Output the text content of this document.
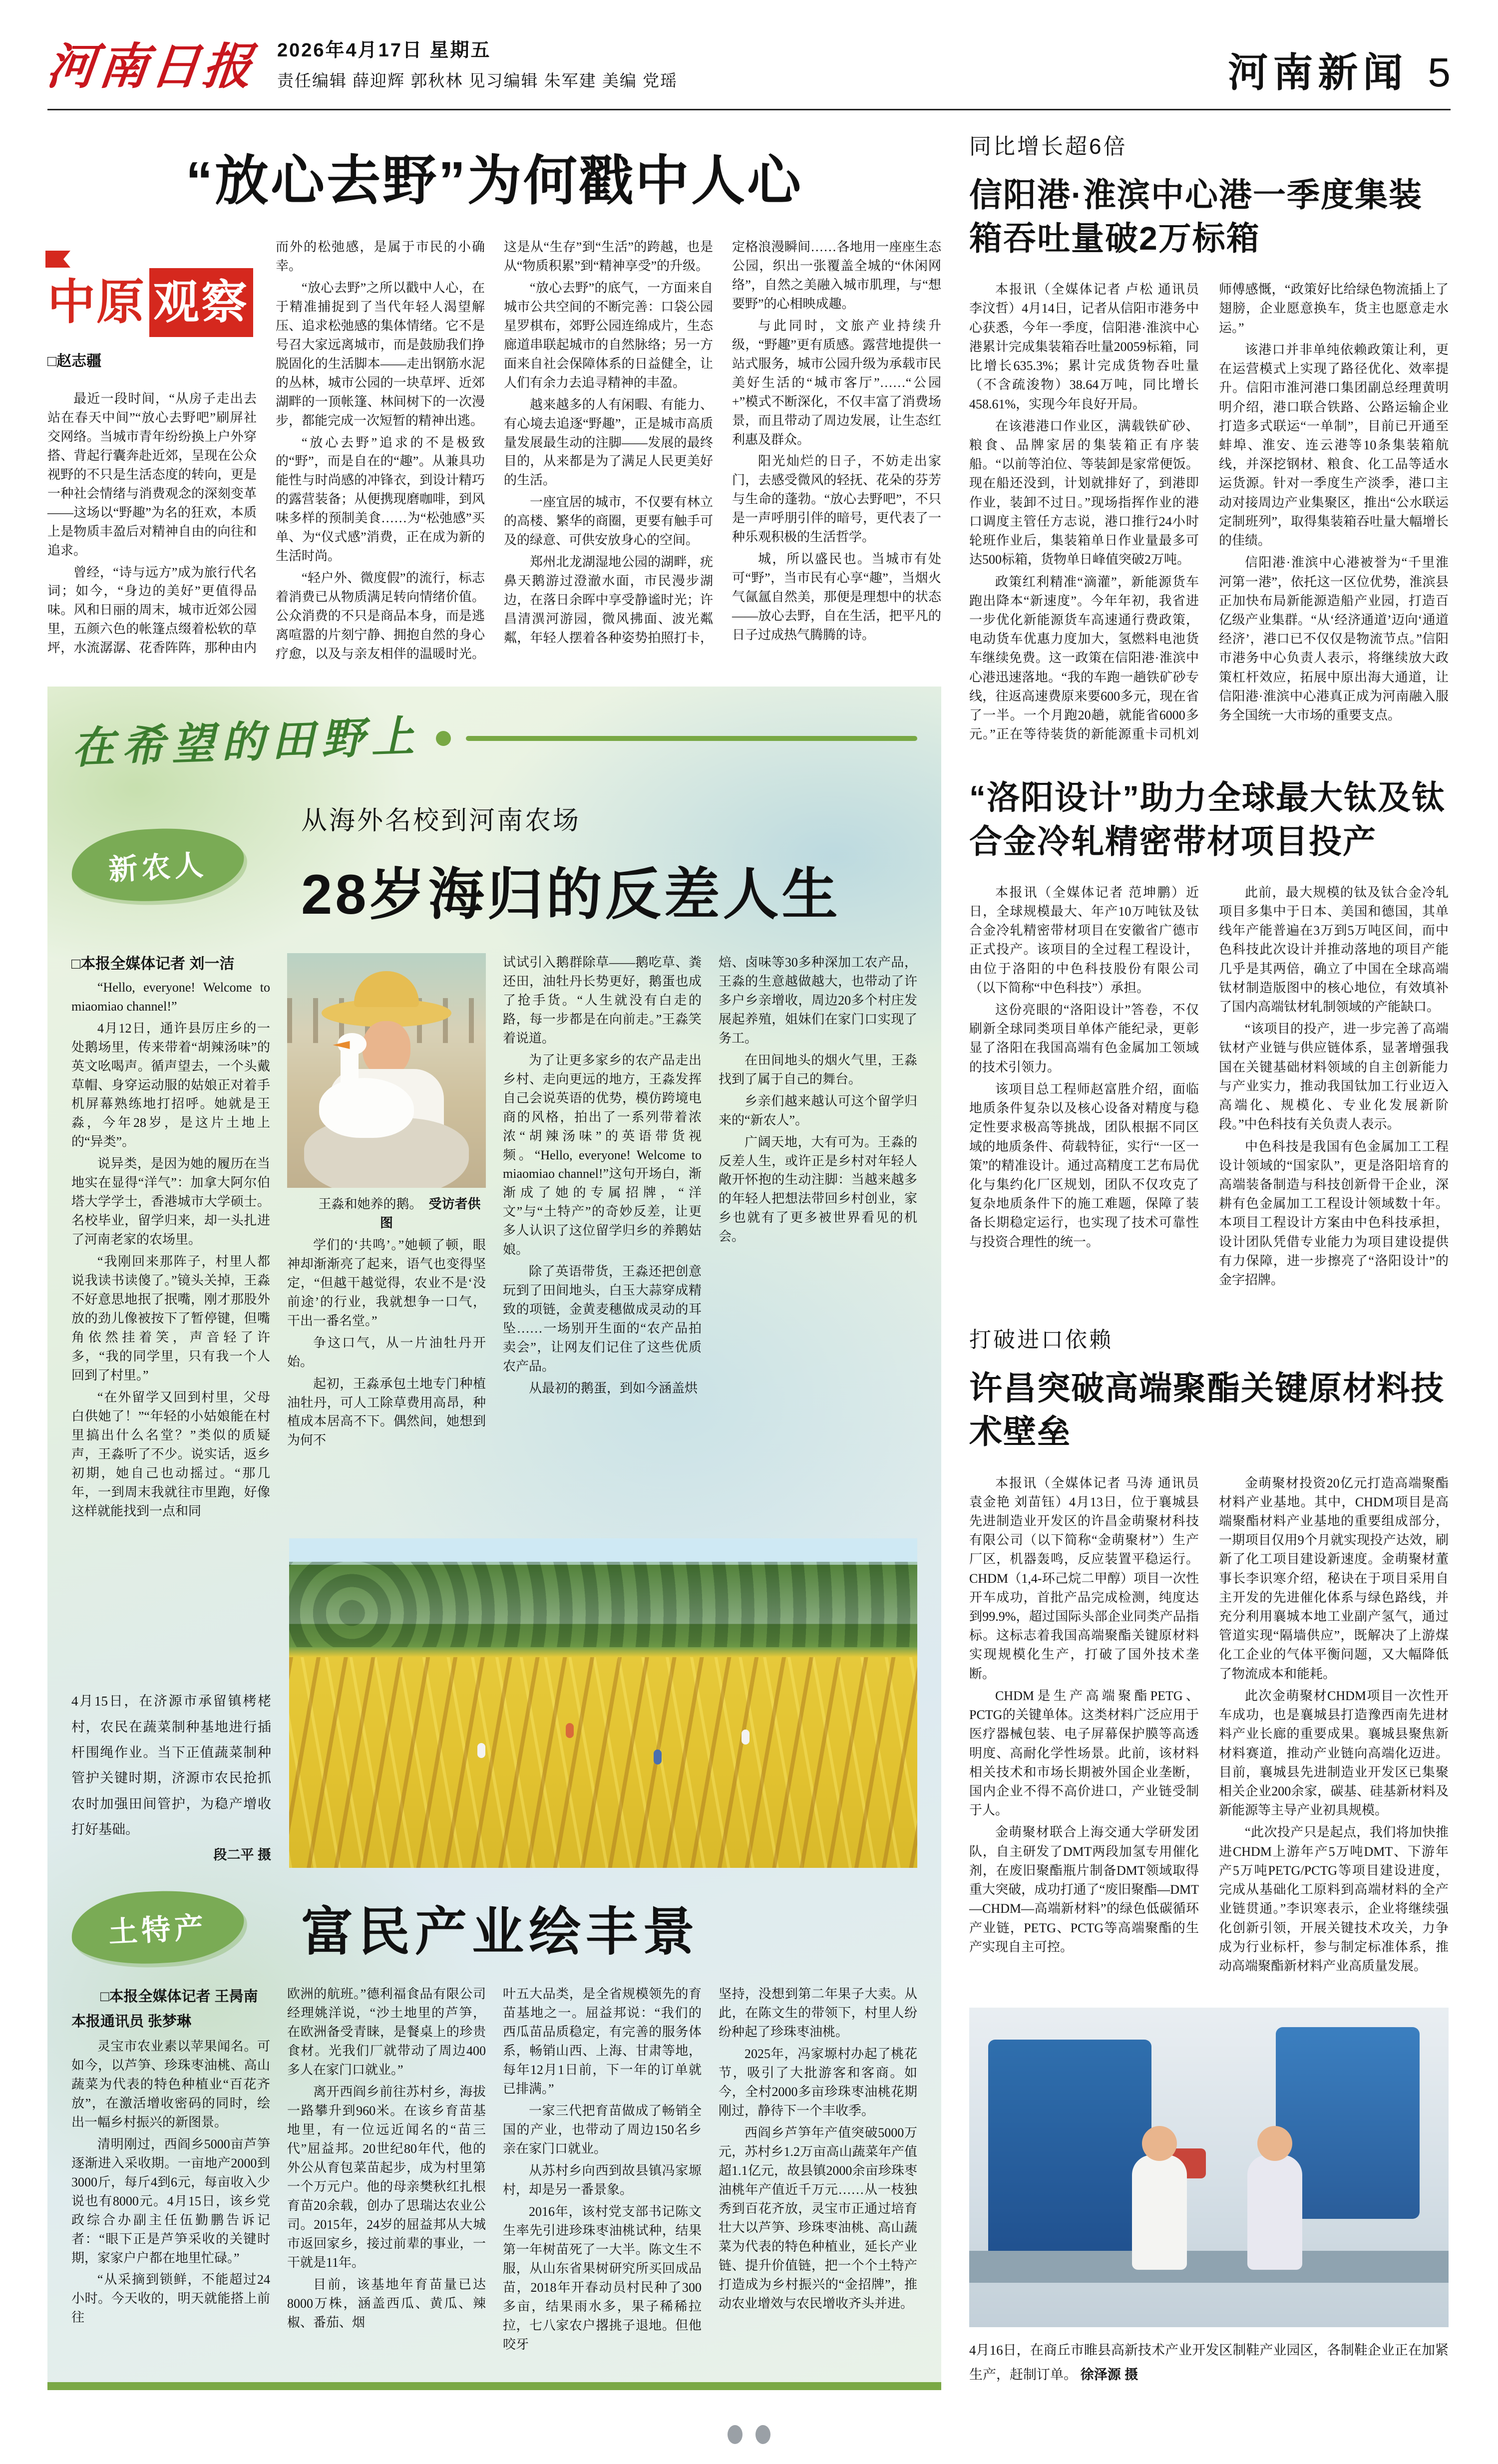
河南日报 2026年4月17日 星期五
责任编辑 薛迎辉 郭秋林 见习编辑 朱军建 美编 党瑶	河南新闻 5
“放心去野”为何戳中人心
中原 观察

□赵志疆

最近一段时间，“从房子走出去站在春天中间”“放心去野吧”刷屏社交网络。当城市青年纷纷换上户外穿搭、背起行囊奔赴近郊，呈现在公众视野的不只是生活态度的转向，更是一种社会情绪与消费观念的深刻变革——这场以“野趣”为名的狂欢，本质上是物质丰盈后对精神自由的向往和追求。

曾经，“诗与远方”成为旅行代名词；如今，“身边的美好”更值得品味。风和日丽的周末，城市近郊公园里，五颜六色的帐篷点缀着松软的草坪，水流潺潺、花香阵阵，那种由内而外的松弛感，是属于市民的小确幸。

“放心去野”之所以戳中人心，在于精准捕捉到了当代年轻人渴望解压、追求松弛感的集体情绪。它不是号召大家远离城市，而是鼓励我们挣脱固化的生活脚本——走出钢筋水泥的丛林，城市公园的一块草坪、近郊湖畔的一顶帐篷、林间树下的一次漫步，都能完成一次短暂的精神出逃。

“放心去野”追求的不是极致的“野”，而是自在的“趣”。从兼具功能性与时尚感的冲锋衣，到设计精巧的露营装备；从便携现磨咖啡，到风味多样的预制美食……为“松弛感”买单、为“仪式感”消费，正在成为新的生活时尚。

“轻户外、微度假”的流行，标志着消费已从物质满足转向情绪价值。公众消费的不只是商品本身，而是逃离喧嚣的片刻宁静、拥抱自然的身心疗愈，以及与亲友相伴的温暖时光。这是从“生存”到“生活”的跨越，也是从“物质积累”到“精神享受”的升级。

“放心去野”的底气，一方面来自城市公共空间的不断完善：口袋公园星罗棋布，郊野公园连绵成片，生态廊道串联起城市的自然脉络；另一方面来自社会保障体系的日益健全，让人们有余力去追寻精神的丰盈。

越来越多的人有闲暇、有能力、有心境去追逐“野趣”，正是城市高质量发展最生动的注脚——发展的最终目的，从来都是为了满足人民更美好的生活。

一座宜居的城市，不仅要有林立的高楼、繁华的商圈，更要有触手可及的绿意、可供安放身心的空间。

郑州北龙湖湿地公园的湖畔，疣鼻天鹅游过澄澈水面，市民漫步湖边，在落日余晖中享受静谧时光；许昌清潩河游园，微风拂面、波光粼粼，年轻人摆着各种姿势拍照打卡，定格浪漫瞬间……各地用一座座生态公园，织出一张覆盖全城的“休闲网络”，自然之美融入城市肌理，与“想要野”的心相映成趣。

与此同时，文旅产业持续升级，“野趣”更有质感。露营地提供一站式服务，城市公园升级为承载市民美好生活的“城市客厅”……“公园+”模式不断深化，不仅丰富了消费场景，而且带动了周边发展，让生态红利惠及群众。

阳光灿烂的日子，不妨走出家门，去感受微风的轻抚、花朵的芬芳与生命的蓬勃。“放心去野吧”，不只是一声呼朋引伴的暗号，更代表了一种乐观积极的生活哲学。

城，所以盛民也。当城市有处可“野”，当市民有心享“趣”，当烟火气氤氲自然美，那便是理想中的状态——放心去野，自在生活，把平凡的日子过成热气腾腾的诗。

在希望的田野上
新农人
从海外名校到河南农场
28岁海归的反差人生

□本报全媒体记者 刘一洁

“Hello, everyone! Welcome to miaomiao channel!”

4月12日，通许县厉庄乡的一处鹅场里，传来带着“胡辣汤味”的英文吆喝声。循声望去，一个头戴草帽、身穿运动服的姑娘正对着手机屏幕熟练地打招呼。她就是王淼，今年28岁，是这片土地上的“异类”。

说异类，是因为她的履历在当地实在显得“洋气”：加拿大阿尔伯塔大学学士，香港城市大学硕士。名校毕业，留学归来，却一头扎进了河南老家的农场里。

“我刚回来那阵子，村里人都说我读书读傻了。”镜头关掉，王淼不好意思地抿了抿嘴，刚才那股外放的劲儿像被按下了暂停键，但嘴角依然挂着笑，声音轻了许多，“我的同学里，只有我一个人回到了村里。”

“在外留学又回到村里，父母白供她了！”“年轻的小姑娘能在村里搞出什么名堂？”类似的质疑声，王淼听了不少。说实话，返乡初期，她自己也动摇过。“那几年，一到周末我就往市里跑，好像这样就能找到一点和同

王淼和她养的鹅。　 受访者供图

学们的‘共鸣’。”她顿了顿，眼神却渐渐亮了起来，语气也变得坚定，“但越干越觉得，农业不是‘没前途’的行业，我就想争一口气，干出一番名堂。”

争这口气，从一片油牡丹开始。

起初，王淼承包土地专门种植油牡丹，可人工除草费用高昂，种植成本居高不下。偶然间，她想到为何不

试试引入鹅群除草——鹅吃草、粪还田，油牡丹长势更好，鹅蛋也成了抢手货。“人生就没有白走的路，每一步都是在向前走。”王淼笑着说道。

为了让更多家乡的农产品走出乡村、走向更远的地方，王淼发挥自己会说英语的优势，模仿跨境电商的风格，拍出了一系列带着浓浓“胡辣汤味”的英语带货视频。“Hello, everyone! Welcome to miaomiao channel!”这句开场白，渐渐成了她的专属招牌，“洋文”与“土特产”的奇妙反差，让更多人认识了这位留学归乡的养鹅姑娘。

除了英语带货，王淼还把创意玩到了田间地头，白玉大蒜穿成精致的项链，金黄麦穗做成灵动的耳坠……一场别开生面的“农产品拍卖会”，让网友们记住了这些优质农产品。

从最初的鹅蛋，到如今涵盖烘

焙、卤味等30多种深加工农产品，王淼的生意越做越大，也带动了许多户乡亲增收，周边20多个村庄发展起养殖，姐妹们在家门口实现了务工。

在田间地头的烟火气里，王淼找到了属于自己的舞台。

乡亲们越来越认可这个留学归来的“新农人”。

广阔天地，大有可为。王淼的反差人生，或许正是乡村对年轻人敞开怀抱的生动注脚：当越来越多的年轻人把想法带回乡村创业，家乡也就有了更多被世界看见的机会。

4月15日，在济源市承留镇栲栳村，农民在蔬菜制种基地进行插杆围绳作业。当下正值蔬菜制种管护关键时期，济源市农民抢抓农时加强田间管护，为稳产增收打好基础。
段二平 摄
土特产	富民产业绘丰景

□本报全媒体记者 王昺南
本报通讯员 张梦琳

灵宝市农业素以苹果闻名。可如今，以芦笋、珍珠枣油桃、高山蔬菜为代表的特色种植业“百花齐放”，在激活增收密码的同时，绘出一幅乡村振兴的新图景。

清明刚过，西阎乡5000亩芦笋逐渐进入采收期。一亩地产2000到3000斤，每斤4到6元，每亩收入少说也有8000元。4月15日，该乡党政综合办副主任伍勤鹏告诉记者：“眼下正是芦笋采收的关键时期，家家户户都在地里忙碌。”

“从采摘到锁鲜，不能超过24小时。今天收的，明天就能搭上前往

欧洲的航班。”德利福食品有限公司经理姚洋说，“沙土地里的芦笋，在欧洲备受青睐，是餐桌上的珍贵食材。光我们厂就带动了周边400多人在家门口就业。”

离开西阎乡前往苏村乡，海拔一路攀升到960米。在该乡育苗基地里，有一位远近闻名的“苗三代”屈益邦。20世纪80年代，他的外公从育包菜苗起步，成为村里第一个万元户。他的母亲樊秋红扎根育苗20余载，创办了思瑞达农业公司。2015年，24岁的屈益邦从大城市返回家乡，接过前辈的事业，一干就是11年。

目前，该基地年育苗量已达8000万株，涵盖西瓜、黄瓜、辣椒、番茄、烟

叶五大品类，是全省规模领先的育苗基地之一。屈益邦说：“我们的西瓜苗品质稳定，有完善的服务体系，畅销山西、上海、甘肃等地，每年12月1日前，下一年的订单就已排满。”

一家三代把育苗做成了畅销全国的产业，也带动了周边150名乡亲在家门口就业。

从苏村乡向西到故县镇冯家塬村，却是另一番景象。

2016年，该村党支部书记陈文生率先引进珍珠枣油桃试种，结果第一年树苗死了一大半。陈文生不服，从山东省果树研究所买回成品苗，2018年开春动员村民种了300多亩，结果雨水多，果子稀稀拉拉，七八家农户撂挑子退地。但他咬牙

坚持，没想到第二年果子大卖。从此，在陈文生的带领下，村里人纷纷种起了珍珠枣油桃。

2025年，冯家塬村办起了桃花节，吸引了大批游客和客商。如今，全村2000多亩珍珠枣油桃花期刚过，静待下一个丰收季。

西阎乡芦笋年产值突破5000万元，苏村乡1.2万亩高山蔬菜年产值超1.1亿元，故县镇2000余亩珍珠枣油桃年产值近千万元……从一枝独秀到百花齐放，灵宝市正通过培育壮大以芦笋、珍珠枣油桃、高山蔬菜为代表的特色种植业，延长产业链、提升价值链，把一个个土特产打造成为乡村振兴的“金招牌”，推动农业增效与农民增收齐头并进。

同比增长超6倍
信阳港·淮滨中心港一季度集装箱吞吐量破2万标箱

本报讯（全媒体记者 卢松 通讯员 李汶哲）4月14日，记者从信阳市港务中心获悉，今年一季度，信阳港·淮滨中心港累计完成集装箱吞吐量20059标箱，同比增长635.3%；累计完成货物吞吐量（不含疏浚物）38.64万吨，同比增长458.61%，实现今年良好开局。

在该港港口作业区，满载铁矿砂、粮食、品牌家居的集装箱正有序装船。“以前等泊位、等装卸是家常便饭。现在船还没到，计划就排好了，到港即作业，装卸不过日。”现场指挥作业的港口调度主管任方志说，港口推行24小时轮班作业后，集装箱单日作业量最多可达500标箱，货物单日峰值突破2万吨。

政策红利精准“滴灌”，新能源货车跑出降本“新速度”。今年年初，我省进一步优化新能源货车高速通行费政策，电动货车优惠力度加大，氢燃料电池货车继续免费。这一政策在信阳港·淮滨中心港迅速落地。“我的车跑一趟铁矿砂专线，往返高速费原来要600多元，现在省了一半。一个月跑20趟，就能省6000多元。”正在等待装货的新能源重卡司机刘师傅感慨，“政策好比给绿色物流插上了翅膀，企业愿意换车，货主也愿意走水运。”

该港口并非单纯依赖政策让利，更在运营模式上实现了路径优化、效率提升。信阳市淮河港口集团副总经理黄明明介绍，港口联合铁路、公路运输企业打造多式联运“一单制”，目前已开通至蚌埠、淮安、连云港等10条集装箱航线，并深挖钢材、粮食、化工品等适水运货源。针对一季度生产淡季，港口主动对接周边产业集聚区，推出“公水联运定制班列”，取得集装箱吞吐量大幅增长的佳绩。

信阳港·淮滨中心港被誉为“千里淮河第一港”，依托这一区位优势，淮滨县正加快布局新能源造船产业园，打造百亿级产业集群。“从‘经济通道’迈向‘通道经济’，港口已不仅仅是物流节点。”信阳市港务中心负责人表示，将继续放大政策杠杆效应，拓展中原出海大通道，让信阳港·淮滨中心港真正成为河南融入服务全国统一大市场的重要支点。

“洛阳设计”助力全球最大钛及钛合金冷轧精密带材项目投产

本报讯（全媒体记者 范坤鹏）近日，全球规模最大、年产10万吨钛及钛合金冷轧精密带材项目在安徽省广德市正式投产。该项目的全过程工程设计，由位于洛阳的中色科技股份有限公司（以下简称“中色科技”）承担。

这份亮眼的“洛阳设计”答卷，不仅刷新全球同类项目单体产能纪录，更彰显了洛阳在我国高端有色金属加工领域的技术引领力。

该项目总工程师赵富胜介绍，面临地质条件复杂以及核心设备对精度与稳定性要求极高等挑战，团队根据不同区域的地质条件、荷载特征，实行“一区一策”的精准设计。通过高精度工艺布局优化与集约化厂区规划，团队不仅攻克了复杂地质条件下的施工难题，保障了装备长期稳定运行，也实现了技术可靠性与投资合理性的统一。

此前，最大规模的钛及钛合金冷轧项目多集中于日本、美国和德国，其单线年产能普遍在3万到5万吨区间，而中色科技此次设计并推动落地的项目产能几乎是其两倍，确立了中国在全球高端钛材制造版图中的核心地位，有效填补了国内高端钛材轧制领域的产能缺口。

“该项目的投产，进一步完善了高端钛材产业链与供应链体系，显著增强我国在关键基础材料领域的自主创新能力与产业实力，推动我国钛加工行业迈入高端化、规模化、专业化发展新阶段。”中色科技有关负责人表示。

中色科技是我国有色金属加工工程设计领域的“国家队”，更是洛阳培育的高端装备制造与科技创新骨干企业，深耕有色金属加工工程设计领域数十年。本项目工程设计方案由中色科技承担，设计团队凭借专业能力为项目建设提供有力保障，进一步擦亮了“洛阳设计”的金字招牌。

打破进口依赖
许昌突破高端聚酯关键原材料技术壁垒

本报讯（全媒体记者 马涛 通讯员 袁金艳 刘苗钰）4月13日，位于襄城县先进制造业开发区的许昌金萌聚材科技有限公司（以下简称“金萌聚材”）生产厂区，机器轰鸣，反应装置平稳运行。CHDM（1,4-环己烷二甲醇）项目一次性开车成功，首批产品完成检测，纯度达到99.9%，超过国际头部企业同类产品指标。这标志着我国高端聚酯关键原材料实现规模化生产，打破了国外技术垄断。

CHDM是生产高端聚酯PETG、PCTG的关键单体。这类材料广泛应用于医疗器械包装、电子屏幕保护膜等高透明度、高耐化学性场景。此前，该材料相关技术和市场长期被外国企业垄断，国内企业不得不高价进口，产业链受制于人。

金萌聚材联合上海交通大学研发团队，自主研发了DMT两段加氢专用催化剂，在废旧聚酯瓶片制备DMT领域取得重大突破，成功打通了“废旧聚酯—DMT—CHDM—高端新材料”的绿色低碳循环产业链，PETG、PCTG等高端聚酯的生产实现自主可控。

金萌聚材投资20亿元打造高端聚酯材料产业基地。其中，CHDM项目是高端聚酯材料产业基地的重要组成部分，一期项目仅用9个月就实现投产达效，刷新了化工项目建设新速度。金萌聚材董事长李识寒介绍，秘诀在于项目采用自主开发的先进催化体系与绿色路线，并充分利用襄城本地工业副产氢气，通过管道实现“隔墙供应”，既解决了上游煤化工企业的气体平衡问题，又大幅降低了物流成本和能耗。

此次金萌聚材CHDM项目一次性开车成功，也是襄城县打造豫西南先进材料产业长廊的重要成果。襄城县聚焦新材料赛道，推动产业链向高端化迈进。目前，襄城县先进制造业开发区已集聚相关企业200余家，碳基、硅基新材料及新能源等主导产业初具规模。

“此次投产只是起点，我们将加快推进CHDM上游年产5万吨DMT、下游年产5万吨PETG/PCTG等项目建设进度，完成从基础化工原料到高端材料的全产业链贯通。”李识寒表示，企业将继续强化创新引领，开展关键技术攻关，力争成为行业标杆，参与制定标准体系，推动高端聚酯新材料产业高质量发展。

4月16日，在商丘市睢县高新技术产业开发区制鞋产业园区，各制鞋企业正在加紧生产，赶制订单。 徐泽源 摄
